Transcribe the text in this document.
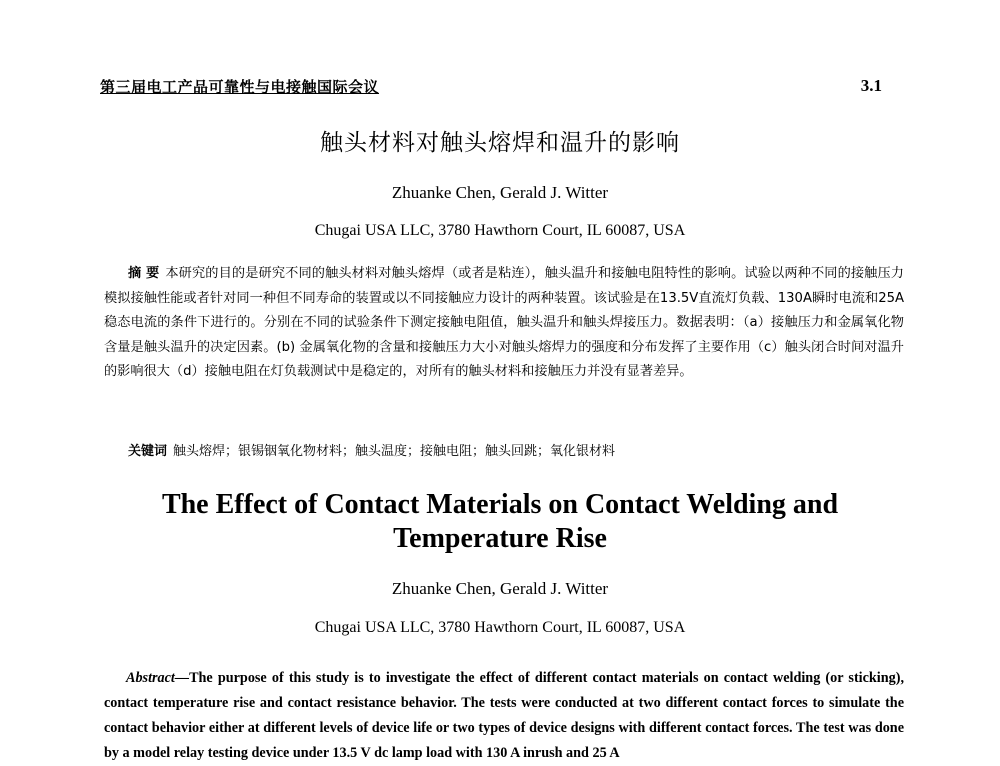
第三届电工产品可靠性与电接触国际会议	3.1
触头材料对触头熔焊和温升的影响
Zhuanke Chen, Gerald J. Witter
Chugai USA LLC, 3780 Hawthorn Court, IL 60087, USA
摘 要 本研究的目的是研究不同的触头材料对触头熔焊（或者是粘连），触头温升和接触电阻特性的影响。试验以两种不同的接触压力模拟接触性能或者针对同一种但不同寿命的装置或以不同接触应力设计的两种装置。该试验是在13.5V直流灯负载、130A瞬时电流和25A稳态电流的条件下进行的。分别在不同的试验条件下测定接触电阻值，触头温升和触头焊接压力。数据表明：（a）接触压力和金属氧化物含量是触头温升的决定因素。(b) 金属氧化物的含量和接触压力大小对触头熔焊力的强度和分布发挥了主要作用（c）触头闭合时间对温升的影响很大（d）接触电阻在灯负载测试中是稳定的，对所有的触头材料和接触压力并没有显著差异。
关键词 触头熔焊；银锡铟氧化物材料；触头温度；接触电阻；触头回跳；氧化银材料
The Effect of Contact Materials on Contact Welding and Temperature Rise
Zhuanke Chen, Gerald J. Witter
Chugai USA LLC, 3780 Hawthorn Court, IL 60087, USA
Abstract—The purpose of this study is to investigate the effect of different contact materials on contact welding (or sticking), contact temperature rise and contact resistance behavior. The tests were conducted at two different contact forces to simulate the contact behavior either at different levels of device life or two types of device designs with different contact forces. The test was done by a model relay testing device under 13.5 V dc lamp load with 130 A inrush and 25 A
